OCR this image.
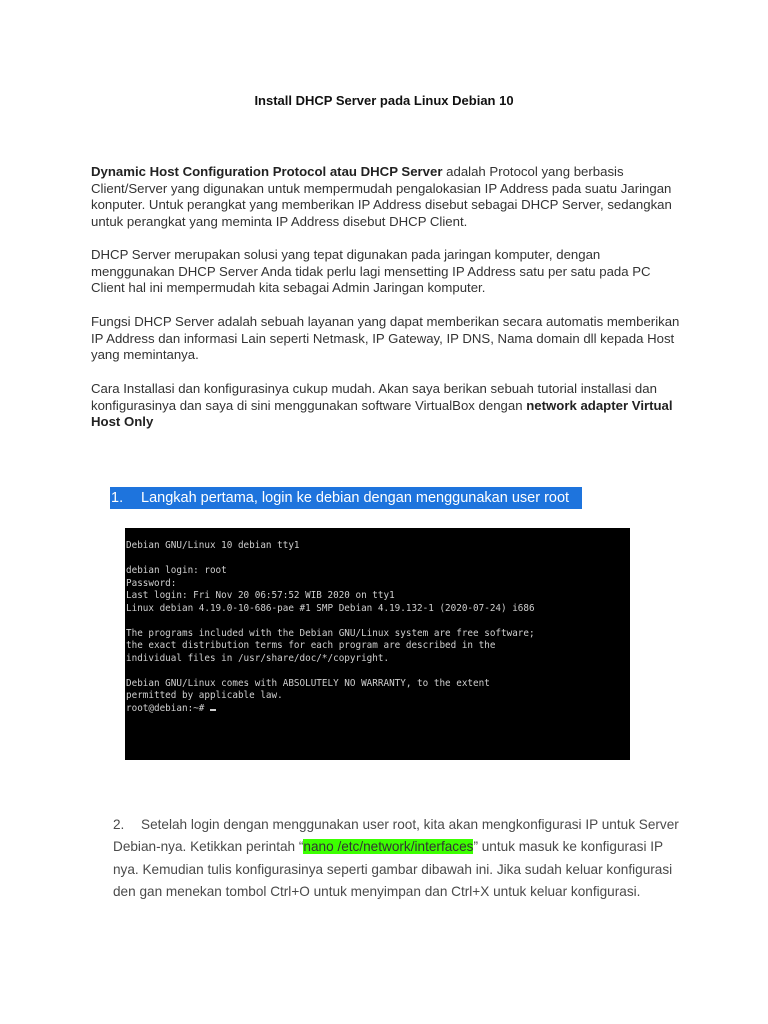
Install DHCP Server pada Linux Debian 10
Dynamic Host Configuration Protocol atau DHCP Server adalah Protocol yang berbasis Client/Server yang digunakan untuk mempermudah pengalokasian IP Address pada suatu Jaringan konputer. Untuk perangkat yang memberikan IP Address disebut sebagai DHCP Server, sedangkan untuk perangkat yang meminta IP Address disebut DHCP Client.
DHCP Server merupakan solusi yang tepat digunakan pada jaringan komputer, dengan menggunakan DHCP Server Anda tidak perlu lagi mensetting IP Address satu per satu pada PC Client hal ini mempermudah kita sebagai Admin Jaringan komputer.
Fungsi DHCP Server adalah sebuah layanan yang dapat memberikan secara automatis memberikan IP Address dan informasi Lain seperti Netmask, IP Gateway, IP DNS, Nama domain dll kepada Host yang memintanya.
Cara Installasi dan konfigurasinya cukup mudah. Akan saya berikan sebuah tutorial installasi dan konfigurasinya dan saya di sini menggunakan software VirtualBox dengan network adapter Virtual Host Only
1. Langkah pertama, login ke debian dengan menggunakan user root
Debian GNU/Linux 10 debian tty1
debian login: root
Password:
Last login: Fri Nov 20 06:57:52 WIB 2020 on tty1
Linux debian 4.19.0-10-686-pae #1 SMP Debian 4.19.132-1 (2020-07-24) i686
The programs included with the Debian GNU/Linux system are free software;
the exact distribution terms for each program are described in the
individual files in /usr/share/doc/*/copyright.
Debian GNU/Linux comes with ABSOLUTELY NO WARRANTY, to the extent
permitted by applicable law.
root@debian:~#
2. Setelah login dengan menggunakan user root, kita akan mengkonfigurasi IP untuk Server Debian-nya. Ketikkan perintah “nano /etc/network/interfaces” untuk masuk ke konfigurasi IP nya. Kemudian tulis konfigurasinya seperti gambar dibawah ini. Jika sudah keluar konfigurasi den gan menekan tombol Ctrl+O untuk menyimpan dan Ctrl+X untuk keluar konfigurasi.
